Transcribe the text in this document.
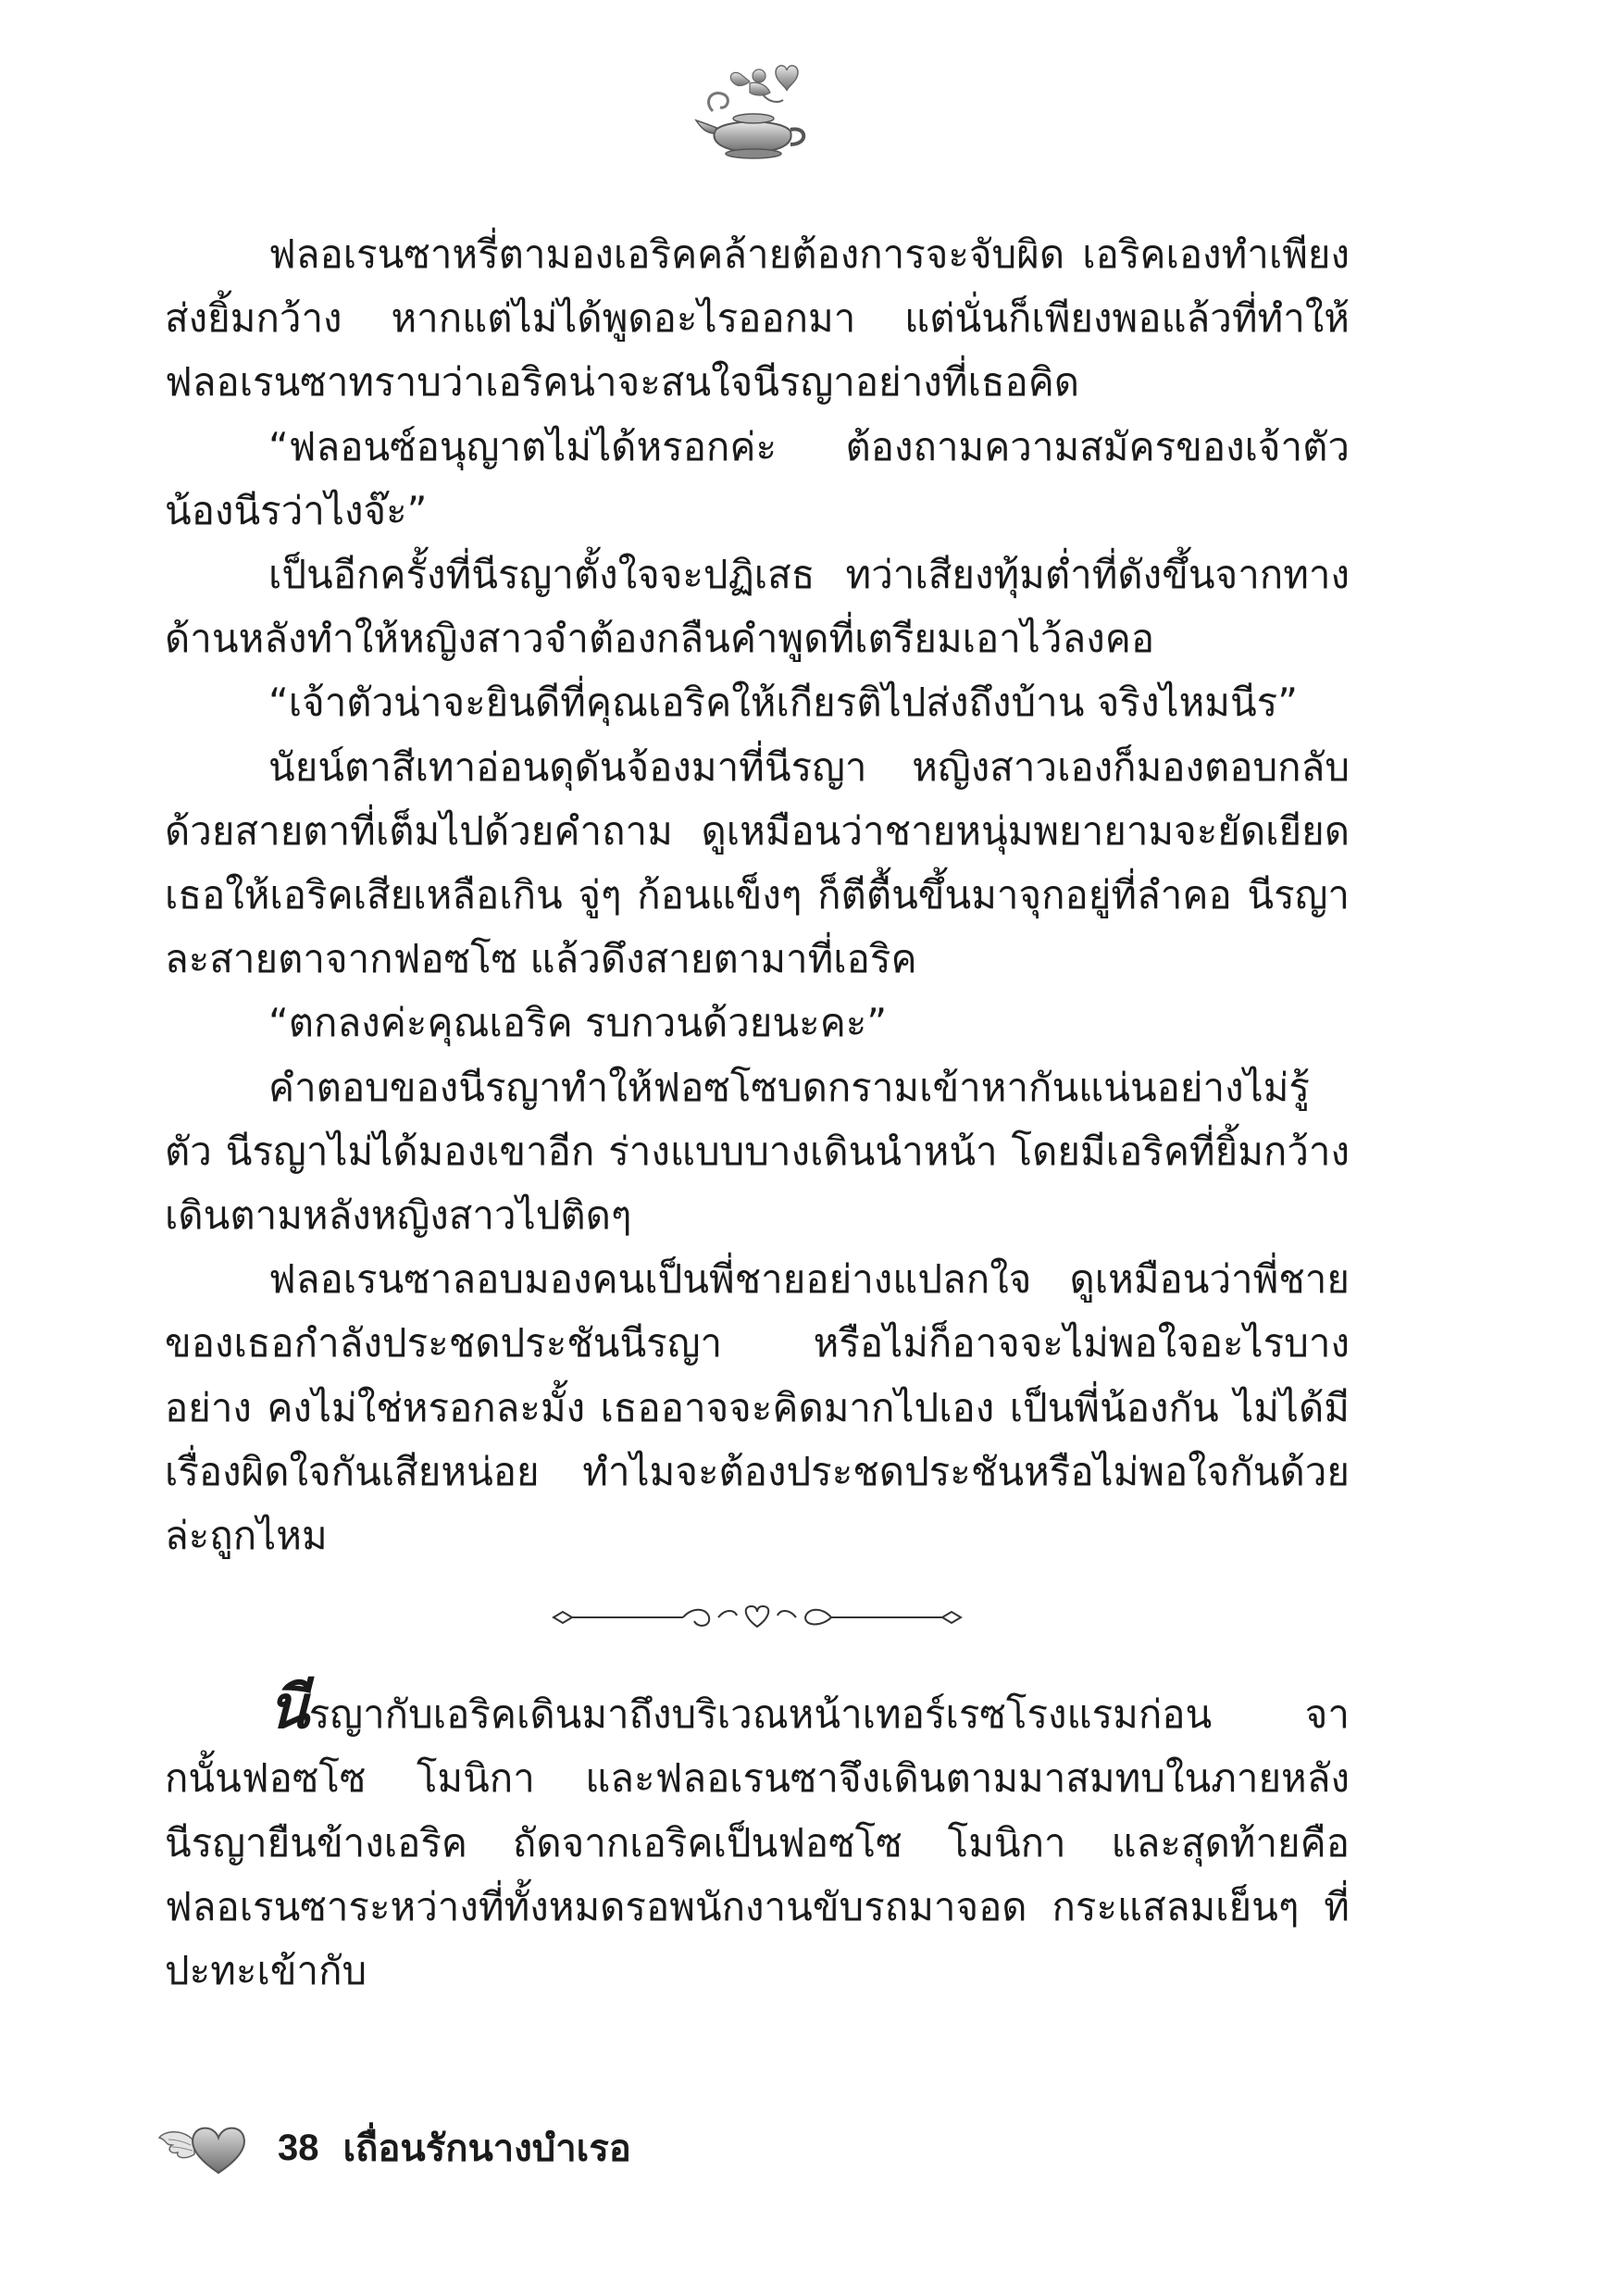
ฟลอเรนซาหรี่ตามองเอริคคล้ายต้องการจะจับผิด เอริคเองทำเพียงส่งยิ้มกว้าง หากแต่ไม่ได้พูดอะไรออกมา แต่นั่นก็เพียงพอแล้วที่ทำให้ฟลอเรนซาทราบว่าเอริคน่าจะสนใจนีรญาอย่างที่เธอคิด

“ฟลอนซ์อนุญาตไม่ได้หรอกค่ะ ต้องถามความสมัครของเจ้าตัวน้องนีรว่าไงจ๊ะ”

เป็นอีกครั้งที่นีรญาตั้งใจจะปฏิเสธ ทว่าเสียงทุ้มต่ำที่ดังขึ้นจากทางด้านหลังทำให้หญิงสาวจำต้องกลืนคำพูดที่เตรียมเอาไว้ลงคอ

“เจ้าตัวน่าจะยินดีที่คุณเอริคให้เกียรติไปส่งถึงบ้าน จริงไหมนีร”

นัยน์ตาสีเทาอ่อนดุดันจ้องมาที่นีรญา หญิงสาวเองก็มองตอบกลับด้วยสายตาที่เต็มไปด้วยคำถาม ดูเหมือนว่าชายหนุ่มพยายามจะยัดเยียดเธอให้เอริคเสียเหลือเกิน จู่ๆ ก้อนแข็งๆ ก็ตีตื้นขึ้นมาจุกอยู่ที่ลำคอ นีรญาละสายตาจากฟอซโซ แล้วดึงสายตามาที่เอริค

“ตกลงค่ะคุณเอริค รบกวนด้วยนะคะ”

คำตอบของนีรญาทำให้ฟอซโซบดกรามเข้าหากันแน่นอย่างไม่รู้ตัว นีรญาไม่ได้มองเขาอีก ร่างแบบบางเดินนำหน้า โดยมีเอริคที่ยิ้มกว้างเดินตามหลังหญิงสาวไปติดๆ

ฟลอเรนซาลอบมองคนเป็นพี่ชายอย่างแปลกใจ ดูเหมือนว่าพี่ชายของเธอกำลังประชดประชันนีรญา หรือไม่ก็อาจจะไม่พอใจอะไรบางอย่าง คงไม่ใช่หรอกละมั้ง เธออาจจะคิดมากไปเอง เป็นพี่น้องกัน ไม่ได้มีเรื่องผิดใจกันเสียหน่อย ทำไมจะต้องประชดประชันหรือไม่พอใจกันด้วยล่ะถูกไหม

นีรญากับเอริคเดินมาถึงบริเวณหน้าเทอร์เรซโรงแรมก่อน จากนั้นฟอซโซ โมนิกา และฟลอเรนซาจึงเดินตามมาสมทบในภายหลัง นีรญายืนข้างเอริค ถัดจากเอริคเป็นฟอซโซ โมนิกา และสุดท้ายคือฟลอเรนซาระหว่างที่ทั้งหมดรอพนักงานขับรถมาจอด กระแสลมเย็นๆ ที่ปะทะเข้ากับ

38 เถื่อนรักนางบำเรอ
